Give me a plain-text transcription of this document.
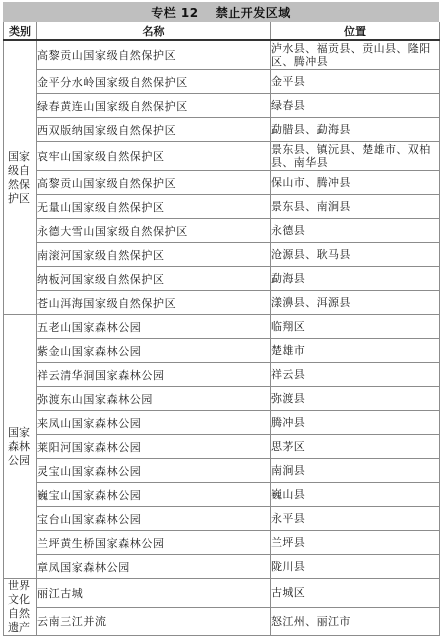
专栏 12　 禁止开发区域
类别	名称	位置

国家级自然保护区	高黎贡山国家级自然保护区	泸水县、福贡县、贡山县、隆阳区、腾冲县
	金平分水岭国家级自然保护区	金平县
	绿春黄连山国家级自然保护区	绿春县
	西双版纳国家级自然保护区	勐腊县、勐海县
	哀牢山国家级自然保护区	景东县、镇沅县、楚雄市、双柏县、南华县
	高黎贡山国家级自然保护区	保山市、腾冲县
	无量山国家级自然保护区	景东县、南涧县
	永德大雪山国家级自然保护区	永德县
	南滚河国家级自然保护区	沧源县、耿马县
	纳板河国家级自然保护区	勐海县
	苍山洱海国家级自然保护区	漾濞县、洱源县

国家森林公园	五老山国家森林公园	临翔区
	紫金山国家森林公园	楚雄市
	祥云清华洞国家森林公园	祥云县
	弥渡东山国家森林公园	弥渡县
	来凤山国家森林公园	腾冲县
	莱阳河国家森林公园	思茅区
	灵宝山国家森林公园	南涧县
	巍宝山国家森林公园	巍山县
	宝台山国家森林公园	永平县
	兰坪黄生桥国家森林公园	兰坪县
	章凤国家森林公园	陇川县

世界文化自然遗产	丽江古城	古城区
	云南三江并流	怒江州、丽江市
